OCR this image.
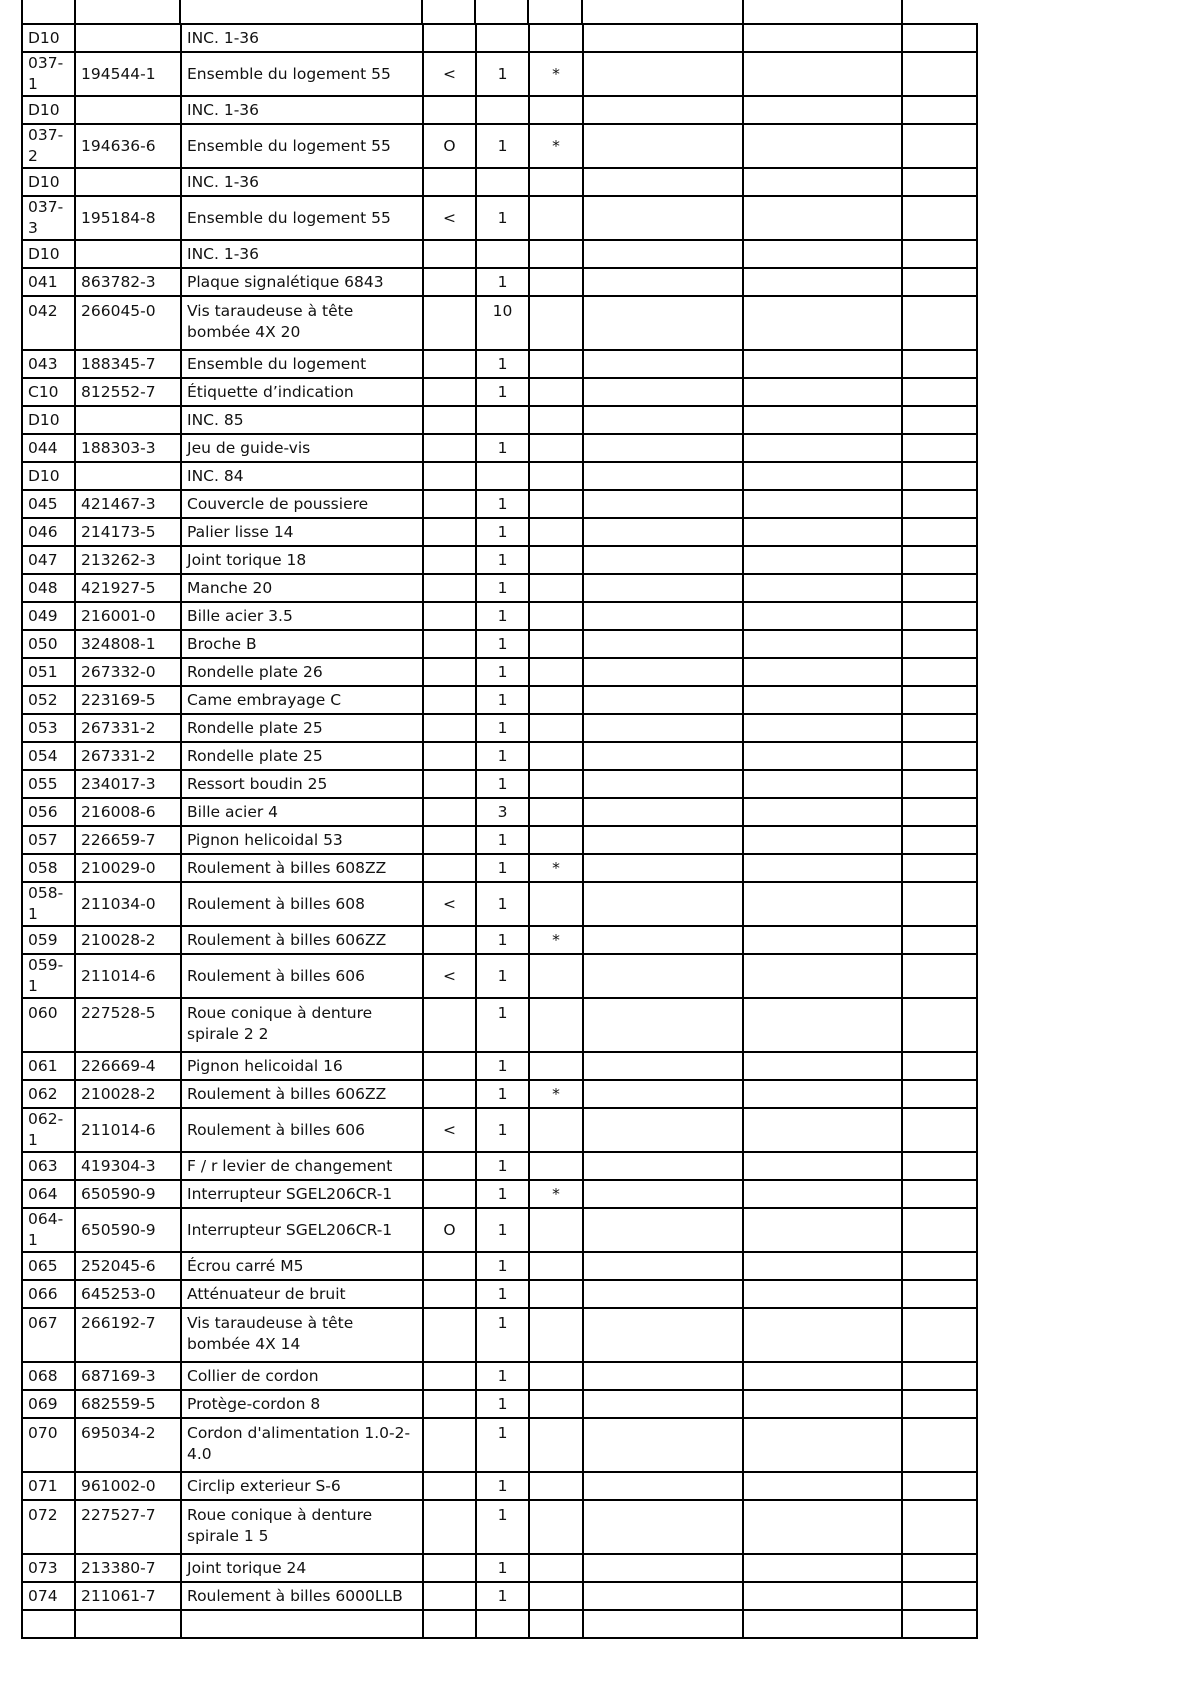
D10		INC. 1-36						
037-1	194544-1	Ensemble du logement 55	<	1	*			
D10		INC. 1-36						
037-2	194636-6	Ensemble du logement 55	O	1	*			
D10		INC. 1-36						
037-3	195184-8	Ensemble du logement 55	<	1				
D10		INC. 1-36						
041	863782-3	Plaque signalétique 6843		1				
042	266045-0	Vis taraudeuse à tête bombée 4X 20		10				
043	188345-7	Ensemble du logement		1				
C10	812552-7	Étiquette d’indication		1				
D10		INC. 85						
044	188303-3	Jeu de guide-vis		1				
D10		INC. 84						
045	421467-3	Couvercle de poussiere		1				
046	214173-5	Palier lisse 14		1				
047	213262-3	Joint torique 18		1				
048	421927-5	Manche 20		1				
049	216001-0	Bille acier 3.5		1				
050	324808-1	Broche B		1				
051	267332-0	Rondelle plate 26		1				
052	223169-5	Came embrayage C		1				
053	267331-2	Rondelle plate 25		1				
054	267331-2	Rondelle plate 25		1				
055	234017-3	Ressort boudin 25		1				
056	216008-6	Bille acier 4		3				
057	226659-7	Pignon helicoidal 53		1				
058	210029-0	Roulement à billes 608ZZ		1	*			
058-1	211034-0	Roulement à billes 608	<	1				
059	210028-2	Roulement à billes 606ZZ		1	*			
059-1	211014-6	Roulement à billes 606	<	1				
060	227528-5	Roue conique à denture spirale 2 2		1				
061	226669-4	Pignon helicoidal 16		1				
062	210028-2	Roulement à billes 606ZZ		1	*			
062-1	211014-6	Roulement à billes 606	<	1				
063	419304-3	F / r levier de changement		1				
064	650590-9	Interrupteur SGEL206CR-1		1	*			
064-1	650590-9	Interrupteur SGEL206CR-1	O	1				
065	252045-6	Écrou carré M5		1				
066	645253-0	Atténuateur de bruit		1				
067	266192-7	Vis taraudeuse à tête bombée 4X 14		1				
068	687169-3	Collier de cordon		1				
069	682559-5	Protège-cordon 8		1				
070	695034-2	Cordon d'alimentation 1.0-2-4.0		1				
071	961002-0	Circlip exterieur S-6		1				
072	227527-7	Roue conique à denture spirale 1 5		1				
073	213380-7	Joint torique 24		1				
074	211061-7	Roulement à billes 6000LLB		1				
